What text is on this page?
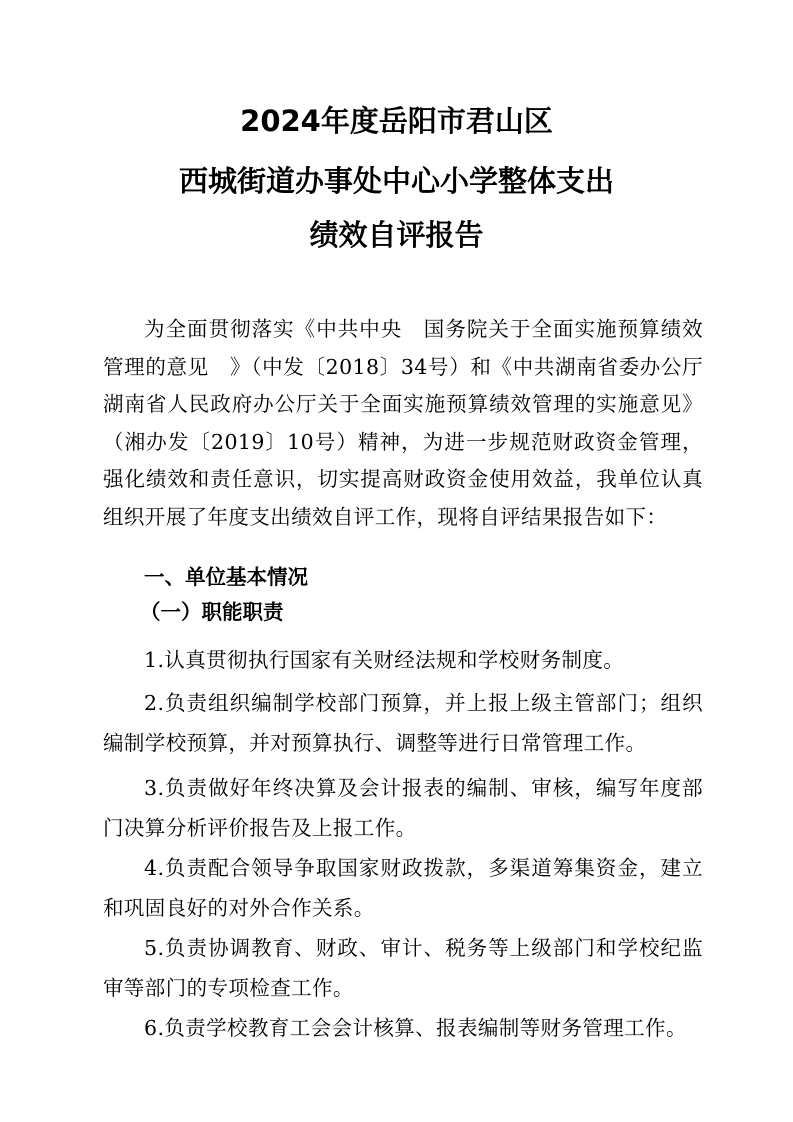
2024年度岳阳市君山区
西城街道办事处中心小学整体支出
绩效自评报告

为全面贯彻落实《中共中央　国务院关于全面实施预算绩效管理的意见　》（中发〔2018〕34号）和《中共湖南省委办公厅 湖南省人民政府办公厅关于全面实施预算绩效管理的实施意见》（湘办发〔2019〕10号）精神，为进一步规范财政资金管理，强化绩效和责任意识，切实提高财政资金使用效益，我单位认真组织开展了年度支出绩效自评工作，现将自评结果报告如下：

一、单位基本情况
（一）职能职责

1.认真贯彻执行国家有关财经法规和学校财务制度。

2.负责组织编制学校部门预算，并上报上级主管部门；组织编制学校预算，并对预算执行、调整等进行日常管理工作。

3.负责做好年终决算及会计报表的编制、审核，编写年度部门决算分析评价报告及上报工作。

4.负责配合领导争取国家财政拨款，多渠道筹集资金，建立和巩固良好的对外合作关系。

5.负责协调教育、财政、审计、税务等上级部门和学校纪监审等部门的专项检查工作。

6.负责学校教育工会会计核算、报表编制等财务管理工作。
